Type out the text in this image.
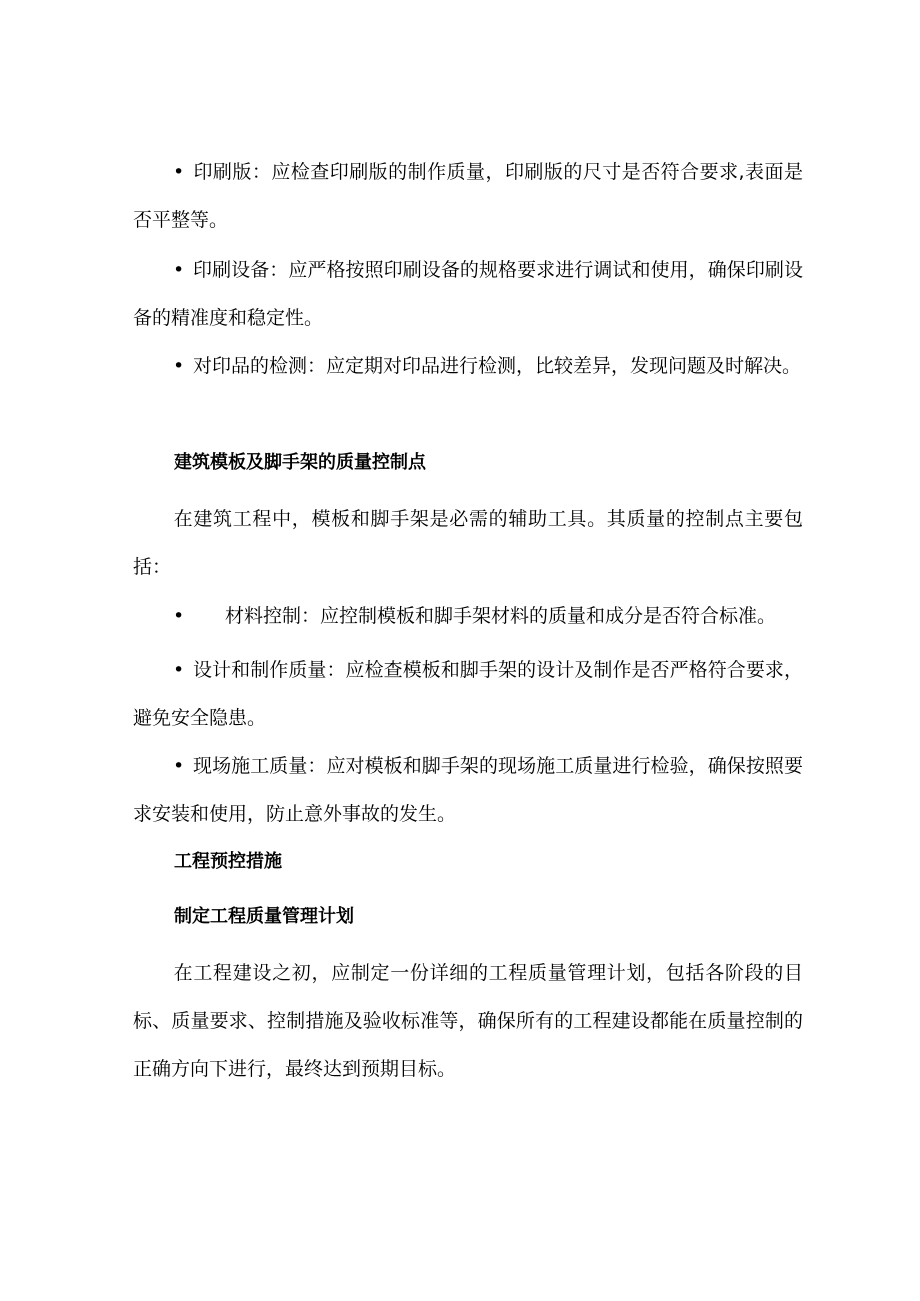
• 印刷版：应检查印刷版的制作质量，印刷版的尺寸是否符合要求,表面是否平整等。

• 印刷设备：应严格按照印刷设备的规格要求进行调试和使用，确保印刷设备的精准度和稳定性。

• 对印品的检测：应定期对印品进行检测，比较差异，发现问题及时解决。

建筑模板及脚手架的质量控制点

在建筑工程中，模板和脚手架是必需的辅助工具。其质量的控制点主要包括：

• 材料控制：应控制模板和脚手架材料的质量和成分是否符合标准。

• 设计和制作质量：应检查模板和脚手架的设计及制作是否严格符合要求，避免安全隐患。

• 现场施工质量：应对模板和脚手架的现场施工质量进行检验，确保按照要求安装和使用，防止意外事故的发生。

工程预控措施
制定工程质量管理计划

在工程建设之初，应制定一份详细的工程质量管理计划，包括各阶段的目标、质量要求、控制措施及验收标准等，确保所有的工程建设都能在质量控制的正确方向下进行，最终达到预期目标。
